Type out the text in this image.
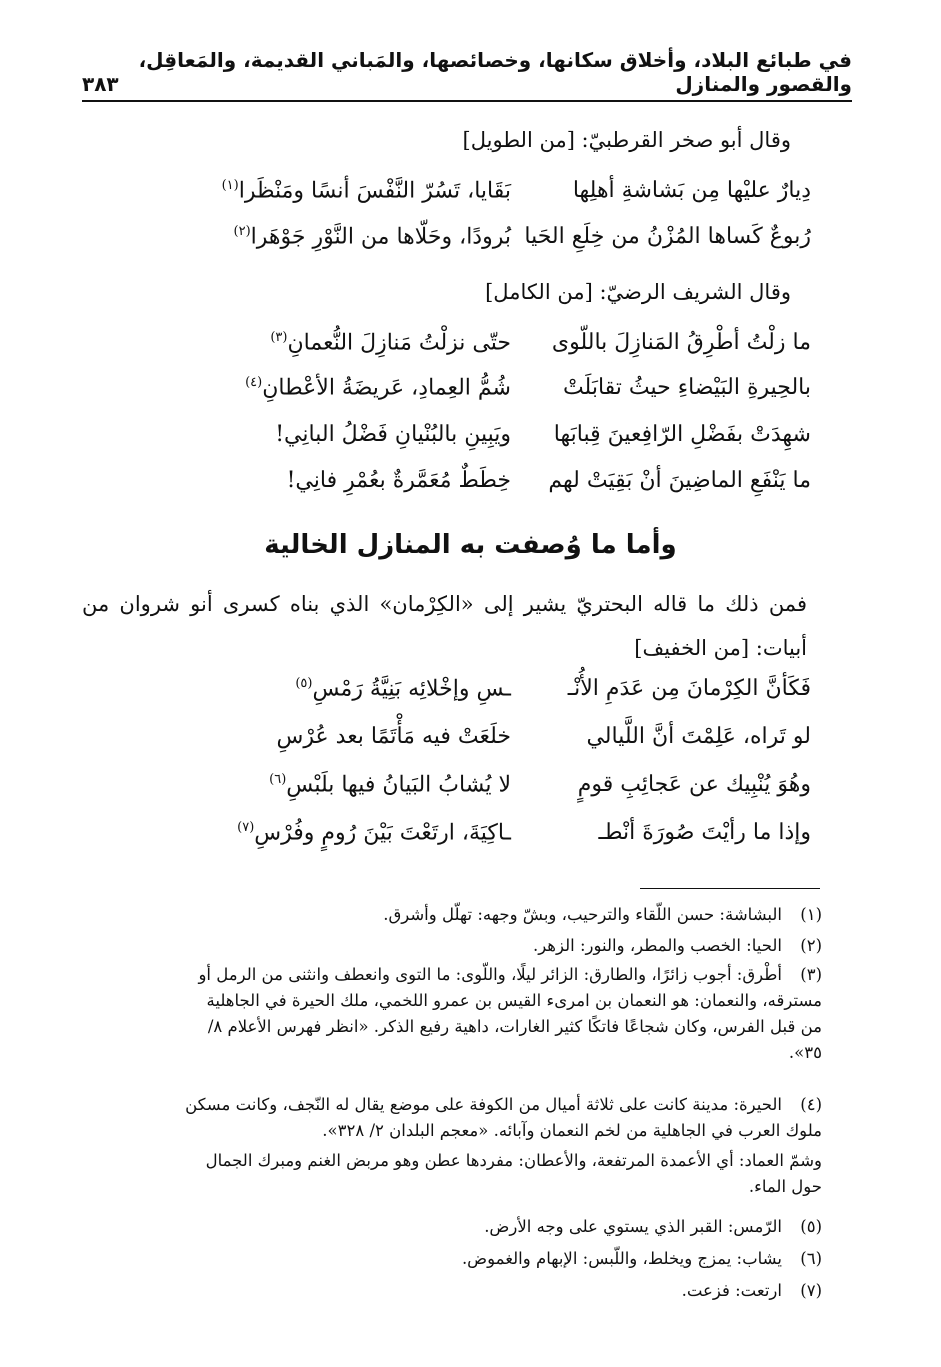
في طبائع البلاد، وأخلاق سكانها، وخصائصها، والمَباني القديمة، والمَعاقِل، والقصور والمنازل
٣٨٣
وقال أبو صخر القرطبيّ: [من الطويل]
دِيارٌ عليْها مِن بَشاشةِ أهلِها
بَقَايا، تَسُرّ النَّفْسَ أنسًا ومَنْظَرا$^{(١)}$
رُبوعٌ كَساها المُزْنُ من خِلَعِ الحَيا
بُرودًا، وحَلّاها من النَّوْرِ جَوْهَرا$^{(٢)}$
وقال الشريف الرضيّ: [من الكامل]
ما زلْتُ أطْرِقُ المَنازِلَ باللّوى
حتّى نزلْتُ مَنازِلَ النُّعمانِ$^{(٣)}$
بالحِيرةِ البَيْضاءِ حيثُ تقابَلَتْ
شُمُّ العِمادِ، عَريضَةُ الأعْطانِ$^{(٤)}$
شهِدَتْ بفَضْلِ الرّافِعينَ قِبابَها
ويَبِينِ بالبُنْيانِ فَضْلُ البانِي!
ما يَنْفَعِ الماضِينَ أنْ بَقِيَتْ لهم
خِطَطٌ مُعَمَّرةٌ بعُمْرِ فانِي!
وأما ما وُصفت به المنازل الخالية
فمن ذلك ما قاله البحتريّ يشير إلى «الكِرْمان» الذي بناه كسرى أنو شروان من أبيات: [من الخفيف]
فَكَأنَّ الكِرْمانَ مِن عَدَمِ الأُنْـ
ـسِ وإخْلائِه بَنِيَّةُ رَمْسِ$^{(٥)}$
لو تَراه، عَلِمْتَ أنَّ اللَّيالي
خلَعَتْ فيه مَأْتَمًا بعد عُرْسِ
وهُوَ يُنْبِيك عن عَجائِبِ قومٍ
لا يُشابُ البَيانُ فيها بلَبْسِ$^{(٦)}$
وإذا ما رأيْتَ صُورَةَ أنْطـ
ـاكِيَةَ، ارتَعْتَ بَيْنَ رُومٍ وفُرْسِ$^{(٧)}$
(١)البشاشة: حسن اللّقاء والترحيب، وبشّ وجهه: تهلّل وأشرق.
(٢)الحيا: الخصب والمطر، والنور: الزهر.
(٣)أطْرق: أجوب زائرًا، والطارق: الزائر ليلًا، واللّوى: ما التوى وانعطف وانثنى من الرمل أو
مسترقه، والنعمان: هو النعمان بن امرىء القيس بن عمرو اللخمي، ملك الحيرة في الجاهلية
من قبل الفرس، وكان شجاعًا فاتكًا كثير الغارات، داهية رفيع الذكر. «انظر فهرس الأعلام ٨/
٣٥».
(٤)الحيرة: مدينة كانت على ثلاثة أميال من الكوفة على موضع يقال له النّجف، وكانت مسكن
ملوك العرب في الجاهلية من لخم النعمان وآبائه. «معجم البلدان ٢/ ٣٢٨».
وشمّ العماد: أي الأعمدة المرتفعة، والأعطان: مفردها عطن وهو مربض الغنم ومبرك الجمال
حول الماء.
(٥)الرّمس: القبر الذي يستوي على وجه الأرض.
(٦)يشاب: يمزج ويخلط، واللّبس: الإبهام والغموض.
(٧)ارتعت: فزعت.
